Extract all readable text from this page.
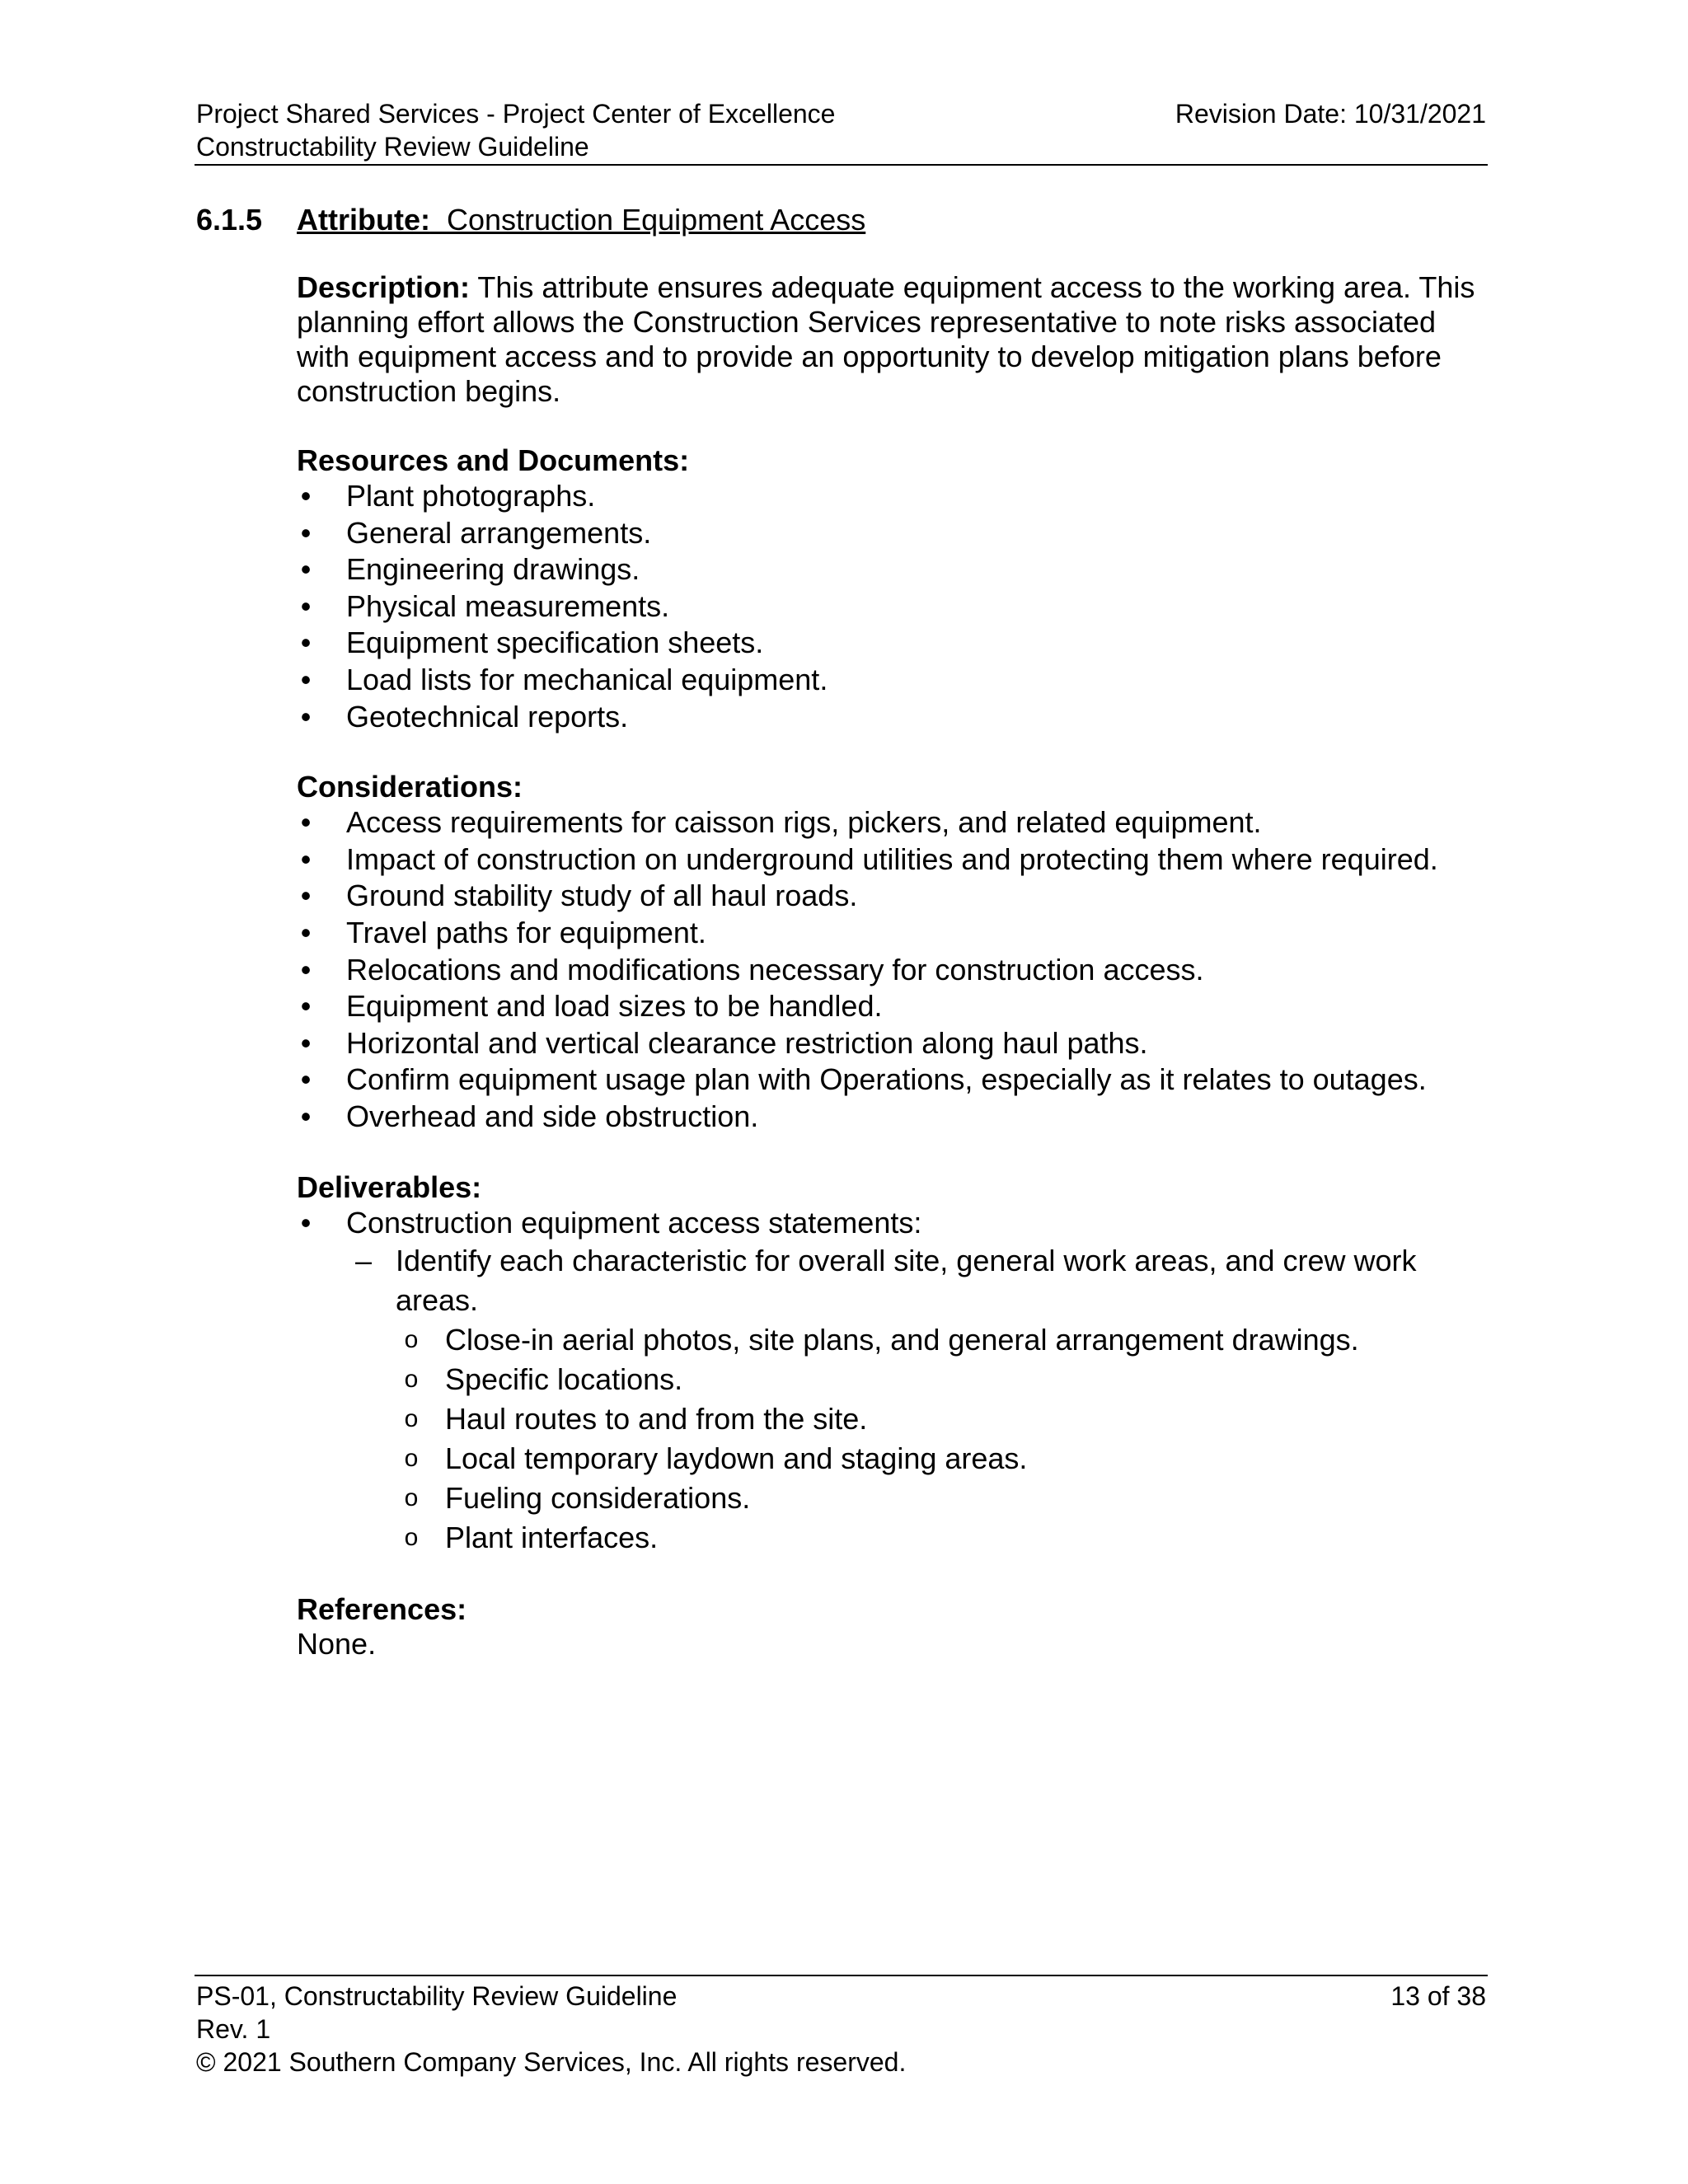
Project Shared Services - Project Center of Excellence	Revision Date: 10/31/2021
Constructability Review Guideline
6.1.5 Attribute: Construction Equipment Access

Description: This attribute ensures adequate equipment access to the working area. This planning effort allows the Construction Services representative to note risks associated with equipment access and to provide an opportunity to develop mitigation plans before construction begins.

Resources and Documents:

• Plant photographs.
• General arrangements.
• Engineering drawings.
• Physical measurements.
• Equipment specification sheets.
• Load lists for mechanical equipment.
• Geotechnical reports.

Considerations:

• Access requirements for caisson rigs, pickers, and related equipment.
• Impact of construction on underground utilities and protecting them where required.
• Ground stability study of all haul roads.
• Travel paths for equipment.
• Relocations and modifications necessary for construction access.
• Equipment and load sizes to be handled.
• Horizontal and vertical clearance restriction along haul paths.
• Confirm equipment usage plan with Operations, especially as it relates to outages.
• Overhead and side obstruction.

Deliverables:

• Construction equipment access statements:
– Identify each characteristic for overall site, general work areas, and crew work areas.
o Close-in aerial photos, site plans, and general arrangement drawings.
o Specific locations.
o Haul routes to and from the site.
o Local temporary laydown and staging areas.
o Fueling considerations.
o Plant interfaces.

References:

None.

PS-01, Constructability Review Guideline	13 of 38
Rev. 1
© 2021 Southern Company Services, Inc. All rights reserved.
